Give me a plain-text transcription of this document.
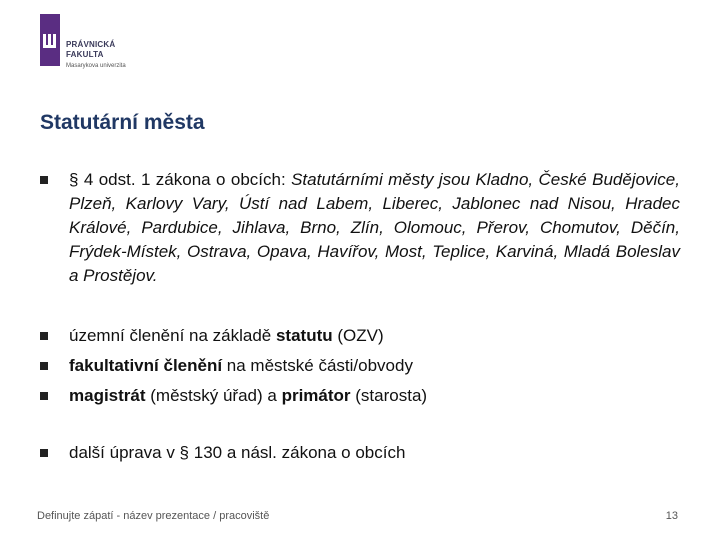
PRÁVNICKÁ
FAKULTA
Masarykova univerzita
Statutární města
§ 4 odst. 1 zákona o obcích: Statutárními městy jsou Kladno, České Budějovice, Plzeň, Karlovy Vary, Ústí nad Labem, Liberec, Jablonec nad Nisou, Hradec Králové, Pardubice, Jihlava, Brno, Zlín, Olomouc, Přerov, Chomutov, Děčín, Frýdek-Místek, Ostrava, Opava, Havířov, Most, Teplice, Karviná, Mladá Boleslav a Prostějov.
územní členění na základě statutu (OZV)
fakultativní členění na městské části/obvody
magistrát (městský úřad) a primátor (starosta)
další úprava v § 130 a násl. zákona o obcích
Definujte zápatí - název prezentace / pracoviště	13
